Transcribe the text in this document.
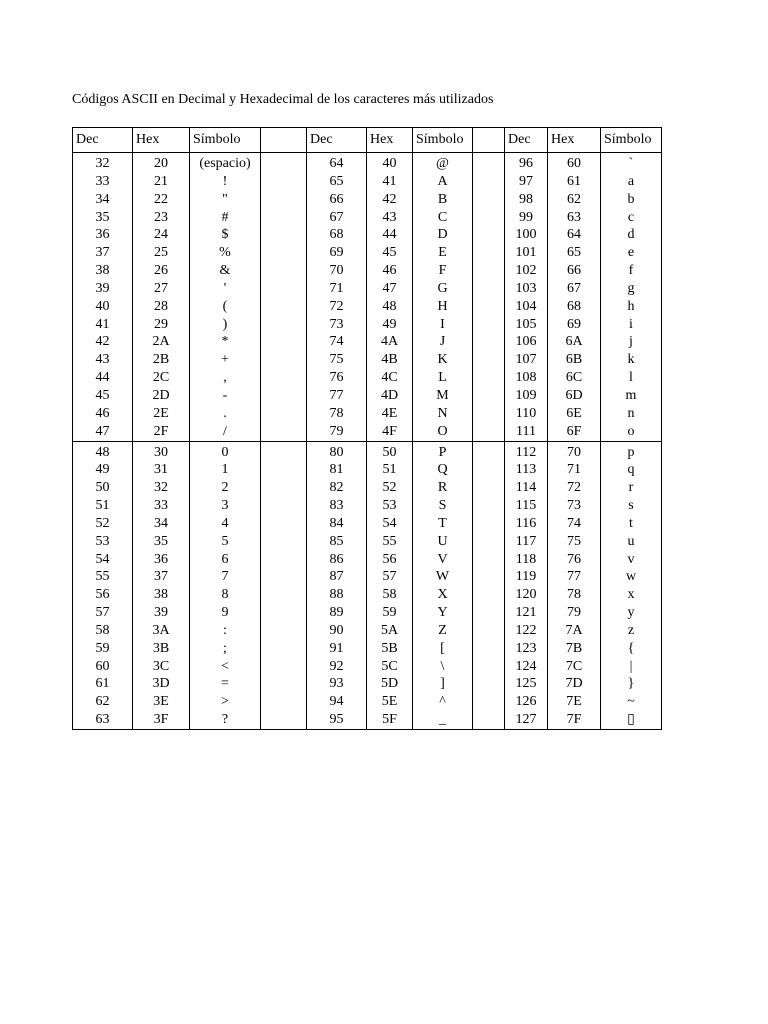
Códigos ASCII en Decimal y Hexadecimal de los caracteres más utilizados
Dec	Hex	Símbolo		Dec	Hex	Símbolo		Dec	Hex	Símbolo
32	20	(espacio)		64	40	@		96	60	`
33	21	!		65	41	A		97	61	a
34	22	"		66	42	B		98	62	b
35	23	#		67	43	C		99	63	c
36	24	$		68	44	D		100	64	d
37	25	%		69	45	E		101	65	e
38	26	&		70	46	F		102	66	f
39	27	'		71	47	G		103	67	g
40	28	(		72	48	H		104	68	h
41	29	)		73	49	I		105	69	i
42	2A	*		74	4A	J		106	6A	j
43	2B	+		75	4B	K		107	6B	k
44	2C	,		76	4C	L		108	6C	l
45	2D	-		77	4D	M		109	6D	m
46	2E	.		78	4E	N		110	6E	n
47	2F	/		79	4F	O		111	6F	o
48	30	0		80	50	P		112	70	p
49	31	1		81	51	Q		113	71	q
50	32	2		82	52	R		114	72	r
51	33	3		83	53	S		115	73	s
52	34	4		84	54	T		116	74	t
53	35	5		85	55	U		117	75	u
54	36	6		86	56	V		118	76	v
55	37	7		87	57	W		119	77	w
56	38	8		88	58	X		120	78	x
57	39	9		89	59	Y		121	79	y
58	3A	:		90	5A	Z		122	7A	z
59	3B	;		91	5B	[		123	7B	{
60	3C	<		92	5C	\		124	7C	|
61	3D	=		93	5D	]		125	7D	}
62	3E	>		94	5E	^		126	7E	~
63	3F	?		95	5F	_		127	7F	▯
